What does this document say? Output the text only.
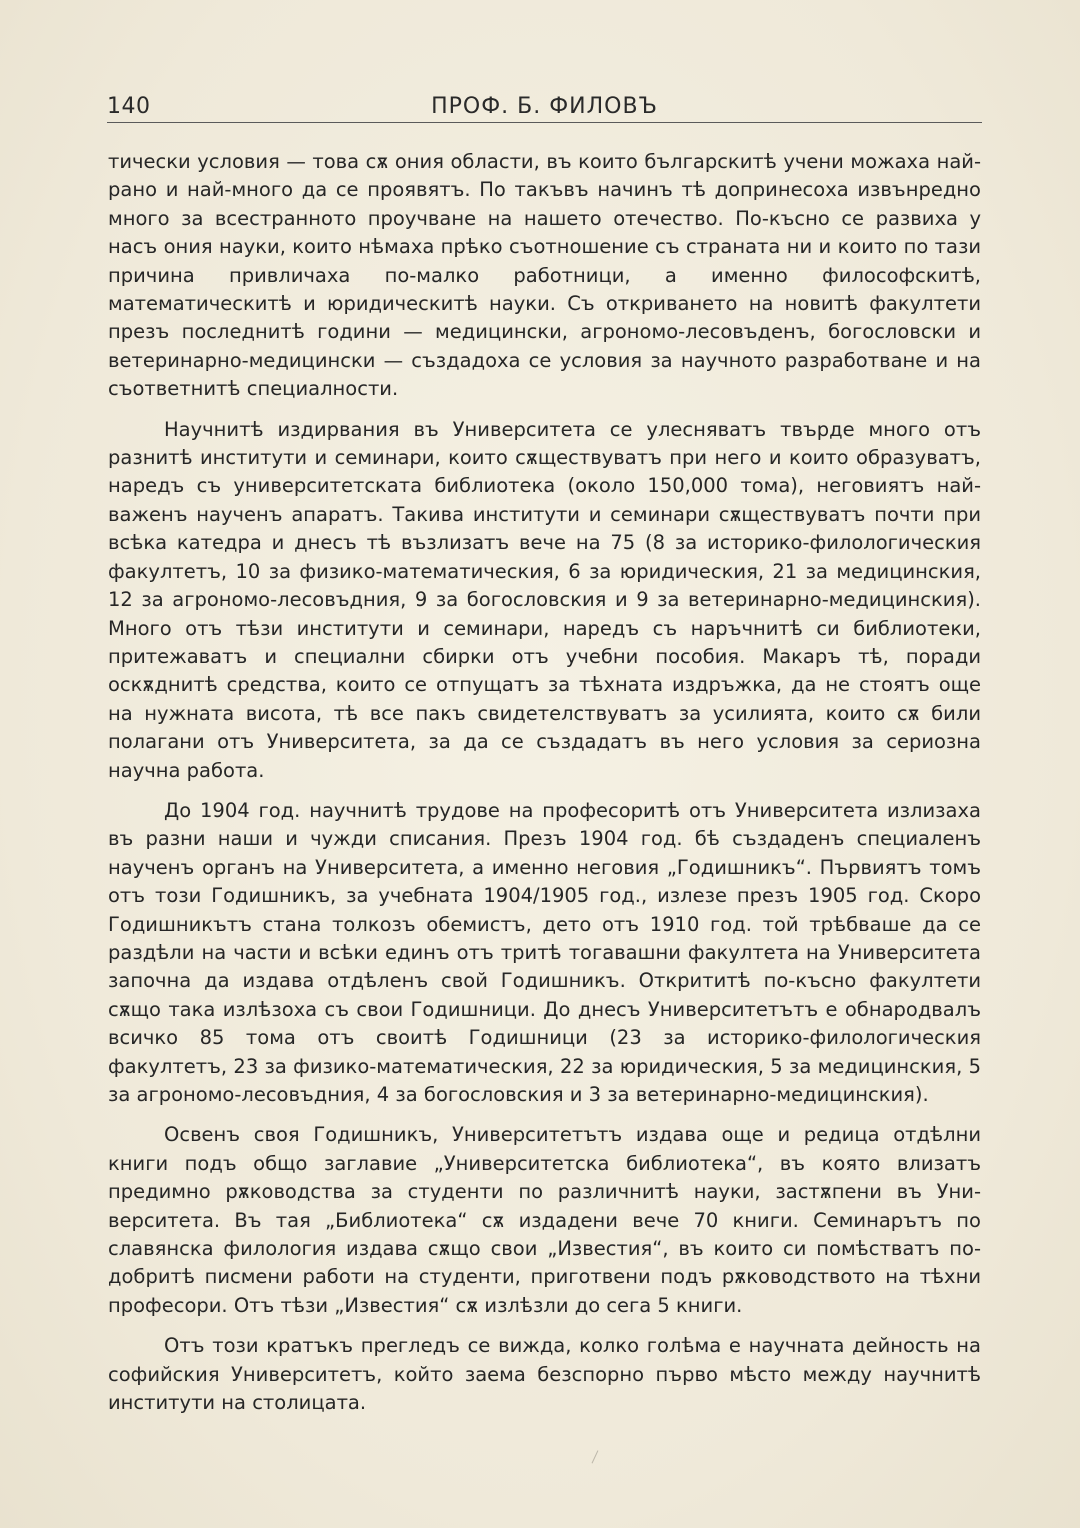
140	ПРОФ. Б. ФИЛОВЪ

тически условия — това сѫ ония области, въ които българскитѣ учени можаха най-рано и най-много да се проявятъ. По такъвъ начинъ тѣ допринесоха извънредно много за всестранното проучване на нашето отечество. По-късно се развиха у насъ ония науки, които нѣмаха прѣко съотношение съ страната ни и които по тази причина привличаха по-малко работници, а именно философскитѣ, математическитѣ и юридическитѣ науки. Съ откриването на новитѣ факултети презъ последнитѣ години — медицински, агрономо-лесовъденъ, богословски и ветеринарно-медицински — създадоха се условия за научното разработване и на съответнитѣ специалности.

Научнитѣ издирвания въ Университета се улесняватъ твърде много отъ разнитѣ институти и семинари, които сѫществуватъ при него и които образуватъ, наредъ съ университетската библиотека (около 150,000 тома), неговиятъ най-важенъ наученъ апаратъ. Такива институти и семинари сѫществуватъ почти при всѣка катедра и днесъ тѣ възлизатъ вече на 75 (8 за историко-филологическия факултетъ, 10 за физико-математическия, 6 за юридическия, 21 за медицинския, 12 за агрономо-лесовъдния, 9 за богословския и 9 за ветеринарно-медицинския). Много отъ тѣзи институти и семинари, наредъ съ наръчнитѣ си библиотеки, притежаватъ и специални сбирки отъ учебни пособия. Макаръ тѣ, поради оскѫднитѣ средства, които се отпущатъ за тѣхната издръжка, да не стоятъ още на нужната висота, тѣ все пакъ свидетелствуватъ за усилията, които сѫ били полагани отъ Университета, за да се създадатъ въ него условия за сериозна научна работа.

До 1904 год. научнитѣ трудове на професоритѣ отъ Университета излизаха въ разни наши и чужди списания. Презъ 1904 год. бѣ създаденъ специаленъ наученъ органъ на Университета, а именно неговия „Годишникъ“. Първиятъ томъ отъ този Годишникъ, за учебната 1904/1905 год., излезе презъ 1905 год. Скоро Годишникътъ стана толкозъ обемистъ, дето отъ 1910 год. той трѣбваше да се раздѣли на части и всѣки единъ отъ тритѣ тогавашни факултета на Университета започна да издава отдѣленъ свой Годишникъ. Открититѣ по-късно факултети сѫщо така излѣзоха съ свои Годишници. До днесъ Университетътъ е обнародвалъ всичко 85 тома отъ своитѣ Годишници (23 за историко-филологическия факултетъ, 23 за физико-математическия, 22 за юридическия, 5 за медицинския, 5 за агрономо-лесовъдния, 4 за богословския и 3 за ветеринарно-медицинския).

Освенъ своя Годишникъ, Университетътъ издава още и редица отдѣлни книги подъ общо заглавие „Университетска библиотека“, въ която влизатъ предимно рѫководства за студенти по различнитѣ науки, застѫпени въ Университета. Въ тая „Библиотека“ сѫ издадени вече 70 книги. Семинарътъ по славянска филология издава сѫщо свои „Известия“, въ които си помѣстватъ по-добритѣ писмени работи на студенти, приготвени подъ рѫководството на тѣхни професори. Отъ тѣзи „Известия“ сѫ излѣзли до сега 5 книги.

Отъ този кратъкъ прегледъ се вижда, колко голѣма е научната дейность на софийския Университетъ, който заема безспорно първо мѣсто между научнитѣ институти на столицата.
